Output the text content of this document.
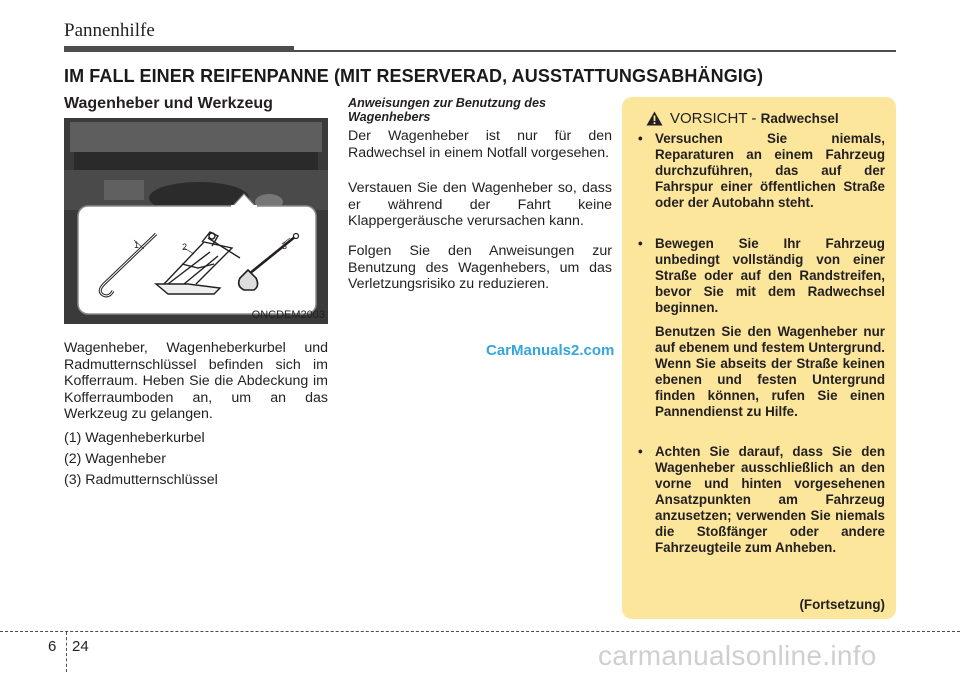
Pannenhilfe
IM FALL EINER REIFENPANNE (MIT RESERVERAD, AUSSTATTUNGSABHÄNGIG)
Wagenheber und Werkzeug
1	2	3
ONCDEM2003
Wagenheber, Wagenheberkurbel und Radmutternschlüssel befinden sich im Kofferraum. Heben Sie die Abdeckung im Kofferraumboden an, um an das Werkzeug zu gelangen.
(1) Wagenheberkurbel
(2) Wagenheber
(3) Radmutternschlüssel
Anweisungen zur Benutzung des Wagenhebers
Der Wagenheber ist nur für den Radwechsel in einem Notfall vorgesehen.
Verstauen Sie den Wagenheber so, dass er während der Fahrt keine Klappergeräusche verursachen kann.
Folgen Sie den Anweisungen zur Benutzung des Wagenhebers, um das Verletzungsrisiko zu reduzieren.
CarManuals2.com
VORSICHT - Radwechsel
• Versuchen Sie niemals, Reparaturen an einem Fahrzeug durchzuführen, das auf der Fahrspur einer öffentlichen Straße oder der Autobahn steht.
• Bewegen Sie Ihr Fahrzeug unbedingt vollständig von einer Straße oder auf den Randstreifen, bevor Sie mit dem Radwechsel beginnen.
Benutzen Sie den Wagenheber nur auf ebenem und festem Untergrund. Wenn Sie abseits der Straße keinen ebenen und festen Untergrund finden können, rufen Sie einen Pannendienst zu Hilfe.
• Achten Sie darauf, dass Sie den Wagenheber ausschließlich an den vorne und hinten vorgesehenen Ansatzpunkten am Fahrzeug anzusetzen; verwenden Sie niemals die Stoßfänger oder andere Fahrzeugteile zum Anheben.
(Fortsetzung)
6 24	carmanualsonline.info
